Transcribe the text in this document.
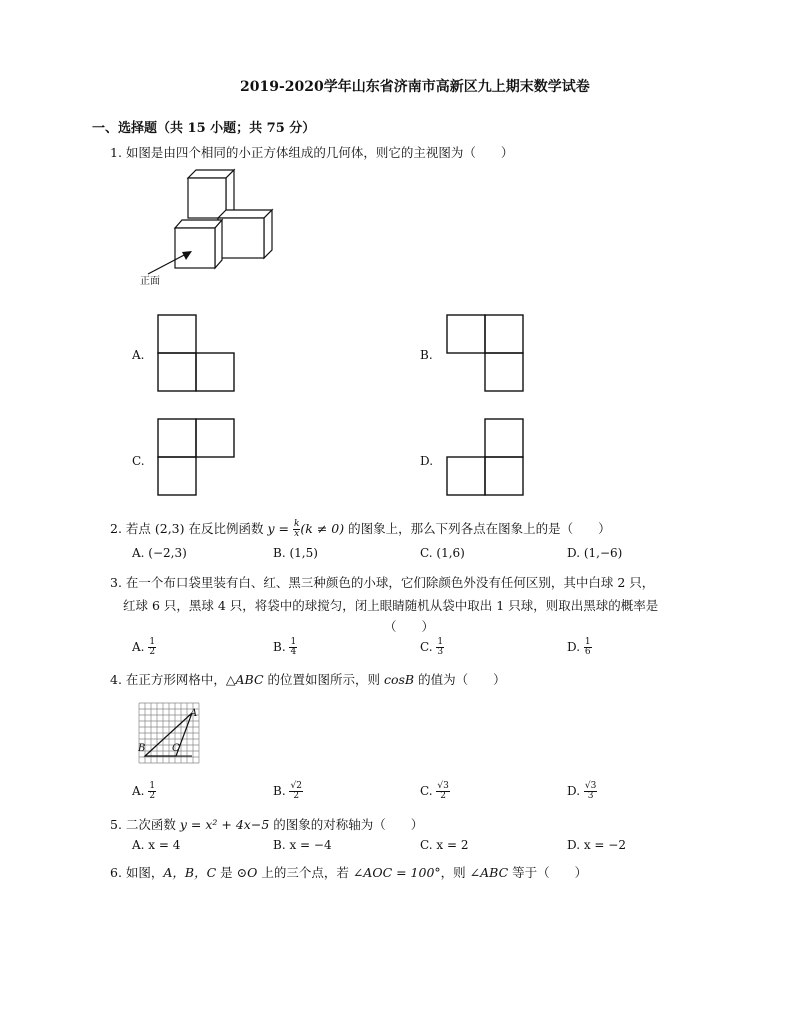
2019-2020学年山东省济南市高新区九上期末数学试卷
一、选择题（共 15 小题；共 75 分）
1. 如图是由四个相同的小正方体组成的几何体，则它的主视图为（　　）
正面
A.	B.
C.	D.
2. 若点 (2,3) 在反比例函数 $y = \frac{k}{x} (k \ne 0)$ 的图象上，那么下列各点在图象上的是（　　）
A. (−2,3)	B. (1,5)	C. (1,6)	D. (1,−6)
3. 在一个布口袋里装有白、红、黑三种颜色的小球，它们除颜色外没有任何区别，其中白球 2 只，
红球 6 只，黑球 4 只，将袋中的球搅匀，闭上眼睛随机从袋中取出 1 只球，则取出黑球的概率是
（　　）
A. $\frac{1}{2}$	B. $\frac{1}{4}$	C. $\frac{1}{3}$	D. $\frac{1}{6}$
4. 在正方形网格中，△ABC 的位置如图所示，则 cosB 的值为（　　）
A
B	C
A. $\frac{1}{2}$	B. $\frac{√2}{2}$	C. $\frac{√3}{2}$	D. $\frac{√3}{3}$
5. 二次函数 y = x² + 4x−5 的图象的对称轴为（　　）
A. x = 4	B. x = −4	C. x = 2	D. x = −2
6. 如图，A，B，C 是 ⊙O 上的三个点，若 ∠AOC = 100°，则 ∠ABC 等于（　　）
